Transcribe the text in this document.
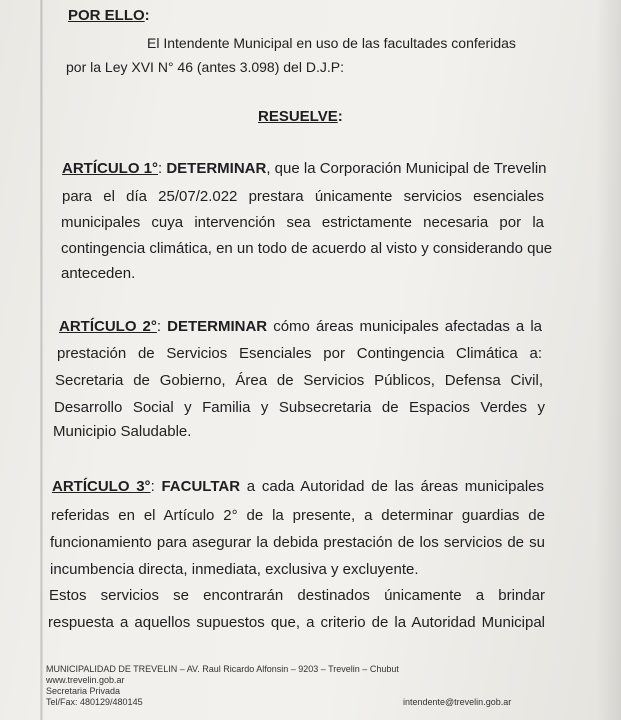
POR ELLO:
El Intendente Municipal en uso de las facultades conferidas
por la Ley XVI N° 46 (antes 3.098) del D.J.P:
RESUELVE:
ARTÍCULO 1°: DETERMINAR, que la Corporación Municipal de Trevelin
para el día 25/07/2.022 prestara únicamente servicios esenciales
municipales cuya intervención sea estrictamente necesaria por la
contingencia climática, en un todo de acuerdo al visto y considerando que
anteceden.
ARTÍCULO 2°: DETERMINAR cómo áreas municipales afectadas a la
prestación de Servicios Esenciales por Contingencia Climática a:
Secretaria de Gobierno, Área de Servicios Públicos, Defensa Civil,
Desarrollo Social y Familia y Subsecretaria de Espacios Verdes y
Municipio Saludable.
ARTÍCULO 3°: FACULTAR a cada Autoridad de las áreas municipales
referidas en el Artículo 2° de la presente, a determinar guardias de
funcionamiento para asegurar la debida prestación de los servicios de su
incumbencia directa, inmediata, exclusiva y excluyente.
Estos servicios se encontrarán destinados únicamente a brindar
respuesta a aquellos supuestos que, a criterio de la Autoridad Municipal
MUNICIPALIDAD DE TREVELIN – AV. Raul Ricardo Alfonsin – 9203 – Trevelin – Chubut
www.trevelin.gob.ar
Secretaria Privada
Tel/Fax: 480129/480145	intendente@trevelin.gob.ar
